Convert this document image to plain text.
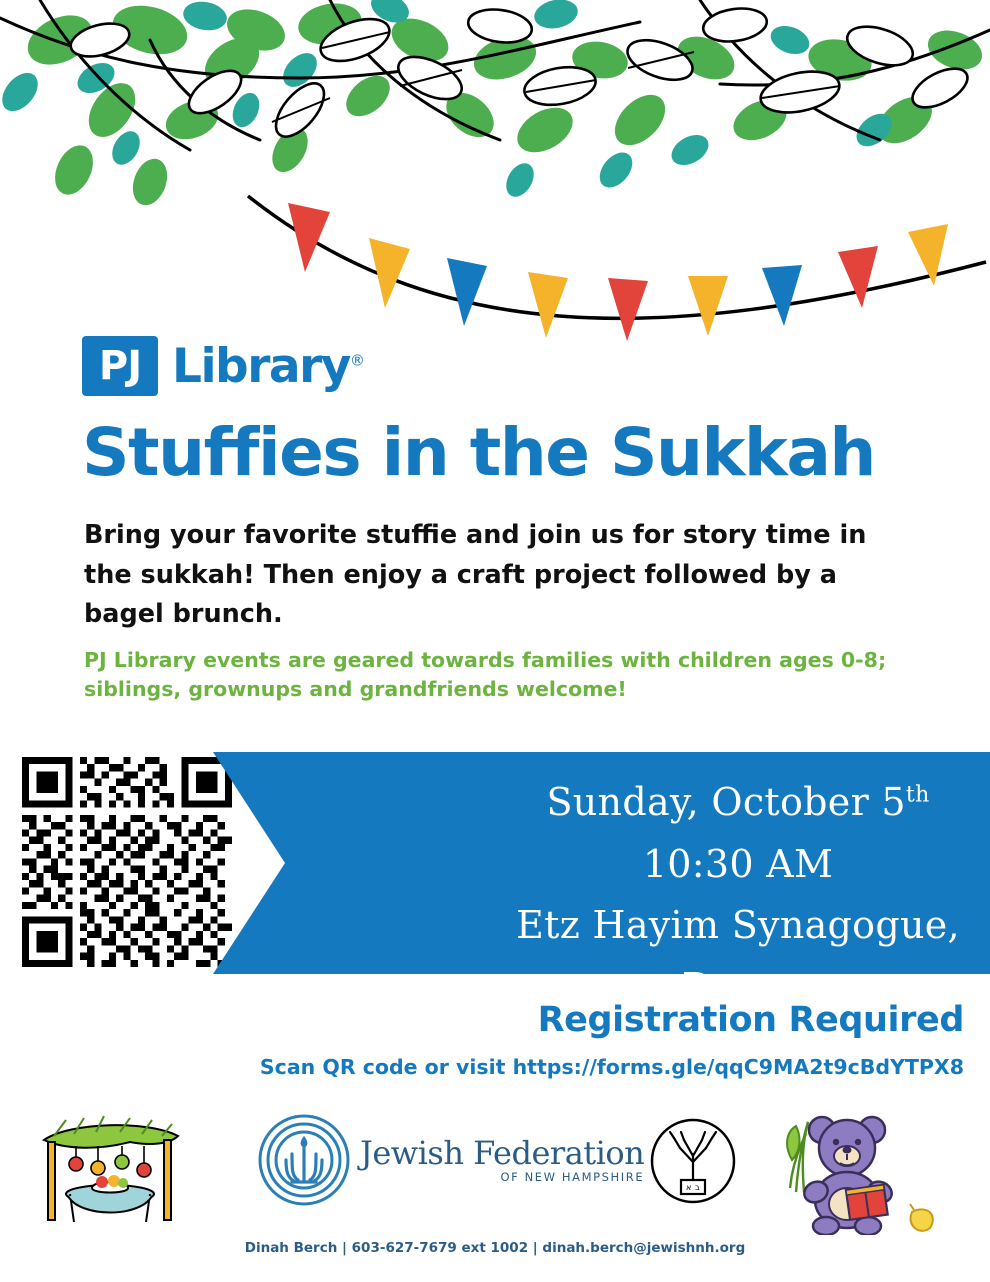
PJ Library®
Stuffies in the Sukkah
Bring your favorite stuffie and join us for story time in the sukkah! Then enjoy a craft project followed by a bagel brunch.
PJ Library events are geared towards families with children ages 0-8; siblings, grownups and grandfriends welcome!
Sunday, October 5th
10:30 AM
Etz Hayim Synagogue, Derry
Registration Required
Scan QR code or visit https://forms.gle/qqC9MA2t9cBdYTPX8
Jewish Federation
OF NEW HAMPSHIRE
א ב
Dinah Berch | 603-627-7679 ext 1002 | dinah.berch@jewishnh.org
